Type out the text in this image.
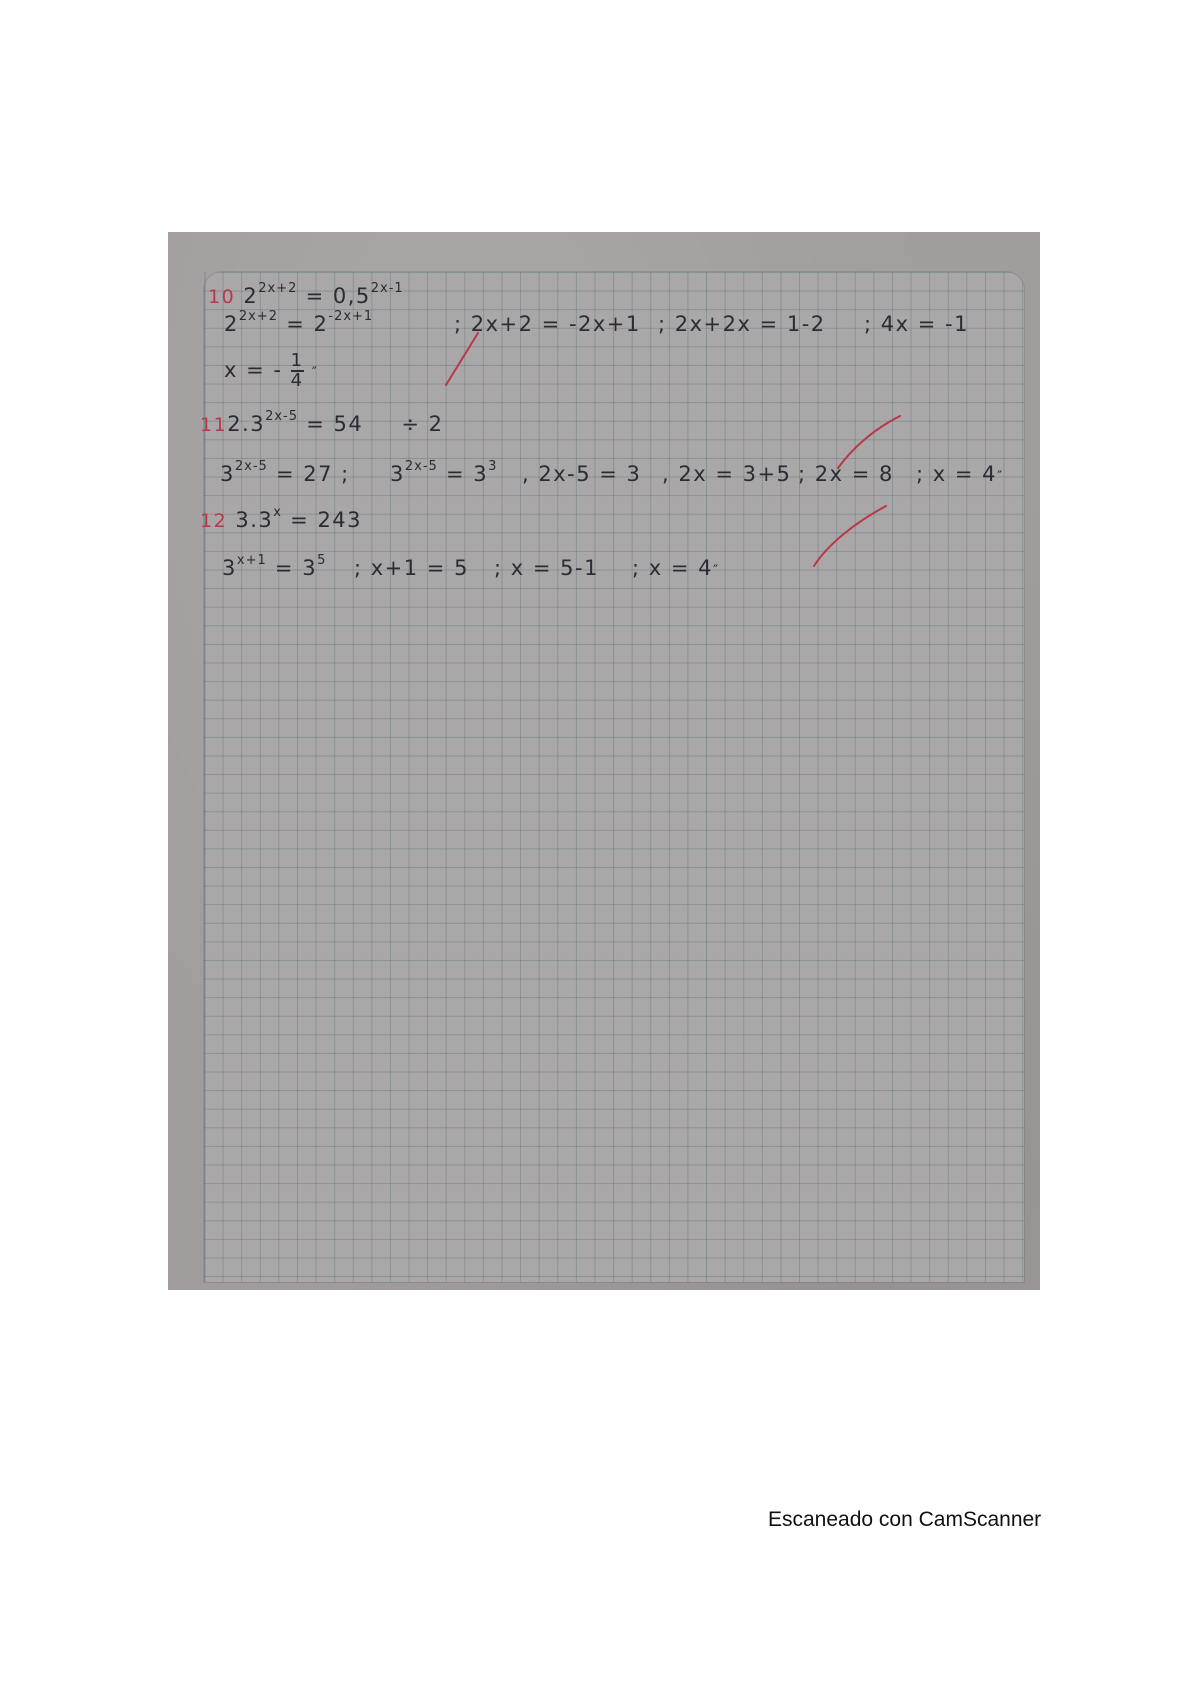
10 $2^{2x+2} = 0,5^{2x-1}$
$2^{2x+2} = 2^{-2x+1}$	; 2x+2 = -2x+1 ; 2x+2x = 1-2 ; 4x = -1
x = - $\frac{1}{4}$ ″
$112.3^{2x-5} = 54 \div 2$
$3^{2x-5} = 27$ ; $3^{2x-5} = 3^3$ , 2x-5 = 3 , 2x = 3+5 ; 2x = 8 ; x = 4″
12 $3.3^x = 243$
$3^{x+1} = 3^5$ ; x+1 = 5 ; x = 5-1 ; x = 4″
Escaneado con CamScanner
